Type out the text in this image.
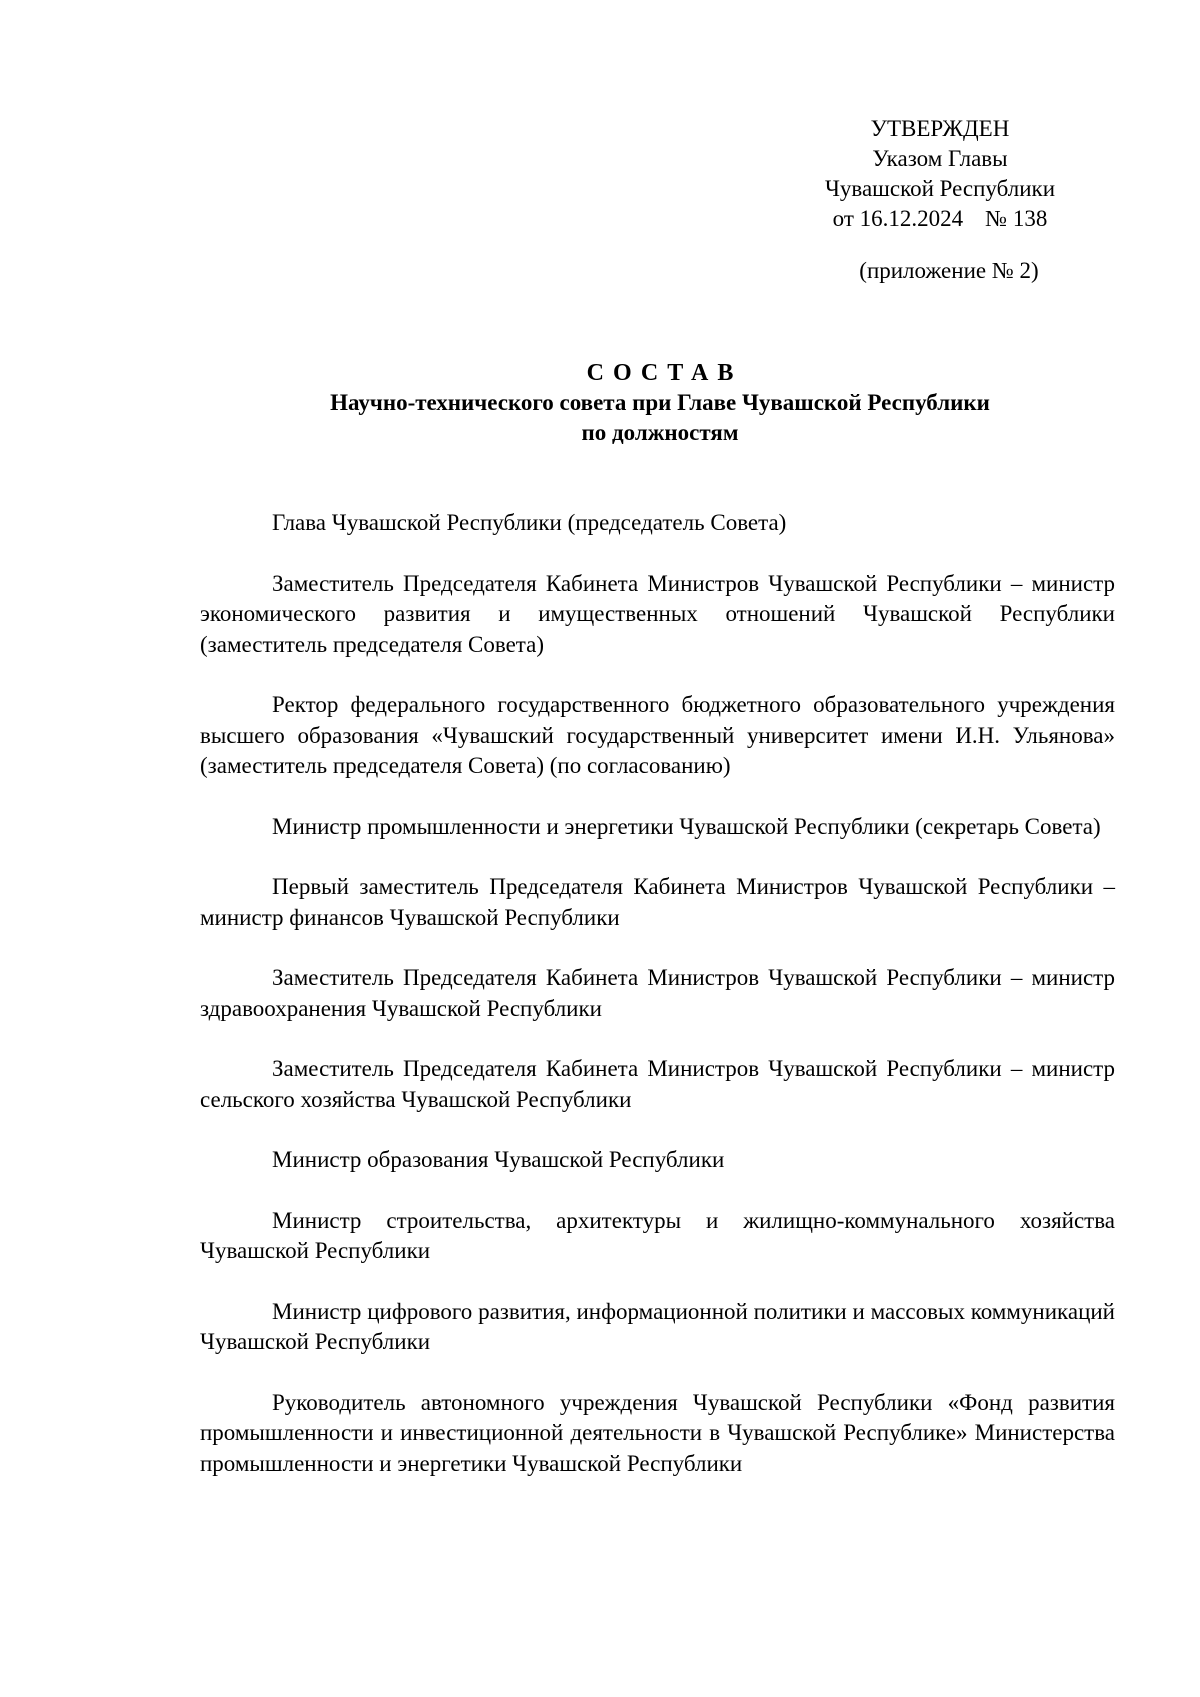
УТВЕРЖДЕН
Указом Главы
Чувашской Республики
от 16.12.2024 № 138
(приложение № 2)
СОСТАВ
Научно-технического совета при Главе Чувашской Республики
по должностям

Глава Чувашской Республики (председатель Совета)

Заместитель Председателя Кабинета Министров Чувашской Республики – министр экономического развития и имущественных отношений Чувашской Республики (заместитель председателя Совета)

Ректор федерального государственного бюджетного образовательного учреждения высшего образования «Чувашский государственный университет имени И.Н. Ульянова» (заместитель председателя Совета) (по согласованию)

Министр промышленности и энергетики Чувашской Республики (секретарь Совета)

Первый заместитель Председателя Кабинета Министров Чувашской Республики – министр финансов Чувашской Республики

Заместитель Председателя Кабинета Министров Чувашской Республики – министр здравоохранения Чувашской Республики

Заместитель Председателя Кабинета Министров Чувашской Республики – министр сельского хозяйства Чувашской Республики

Министр образования Чувашской Республики

Министр строительства, архитектуры и жилищно-коммунального хозяйства Чувашской Республики

Министр цифрового развития, информационной политики и массовых коммуникаций Чувашской Республики

Руководитель автономного учреждения Чувашской Республики «Фонд развития промышленности и инвестиционной деятельности в Чувашской Республике» Министерства промышленности и энергетики Чувашской Республики
